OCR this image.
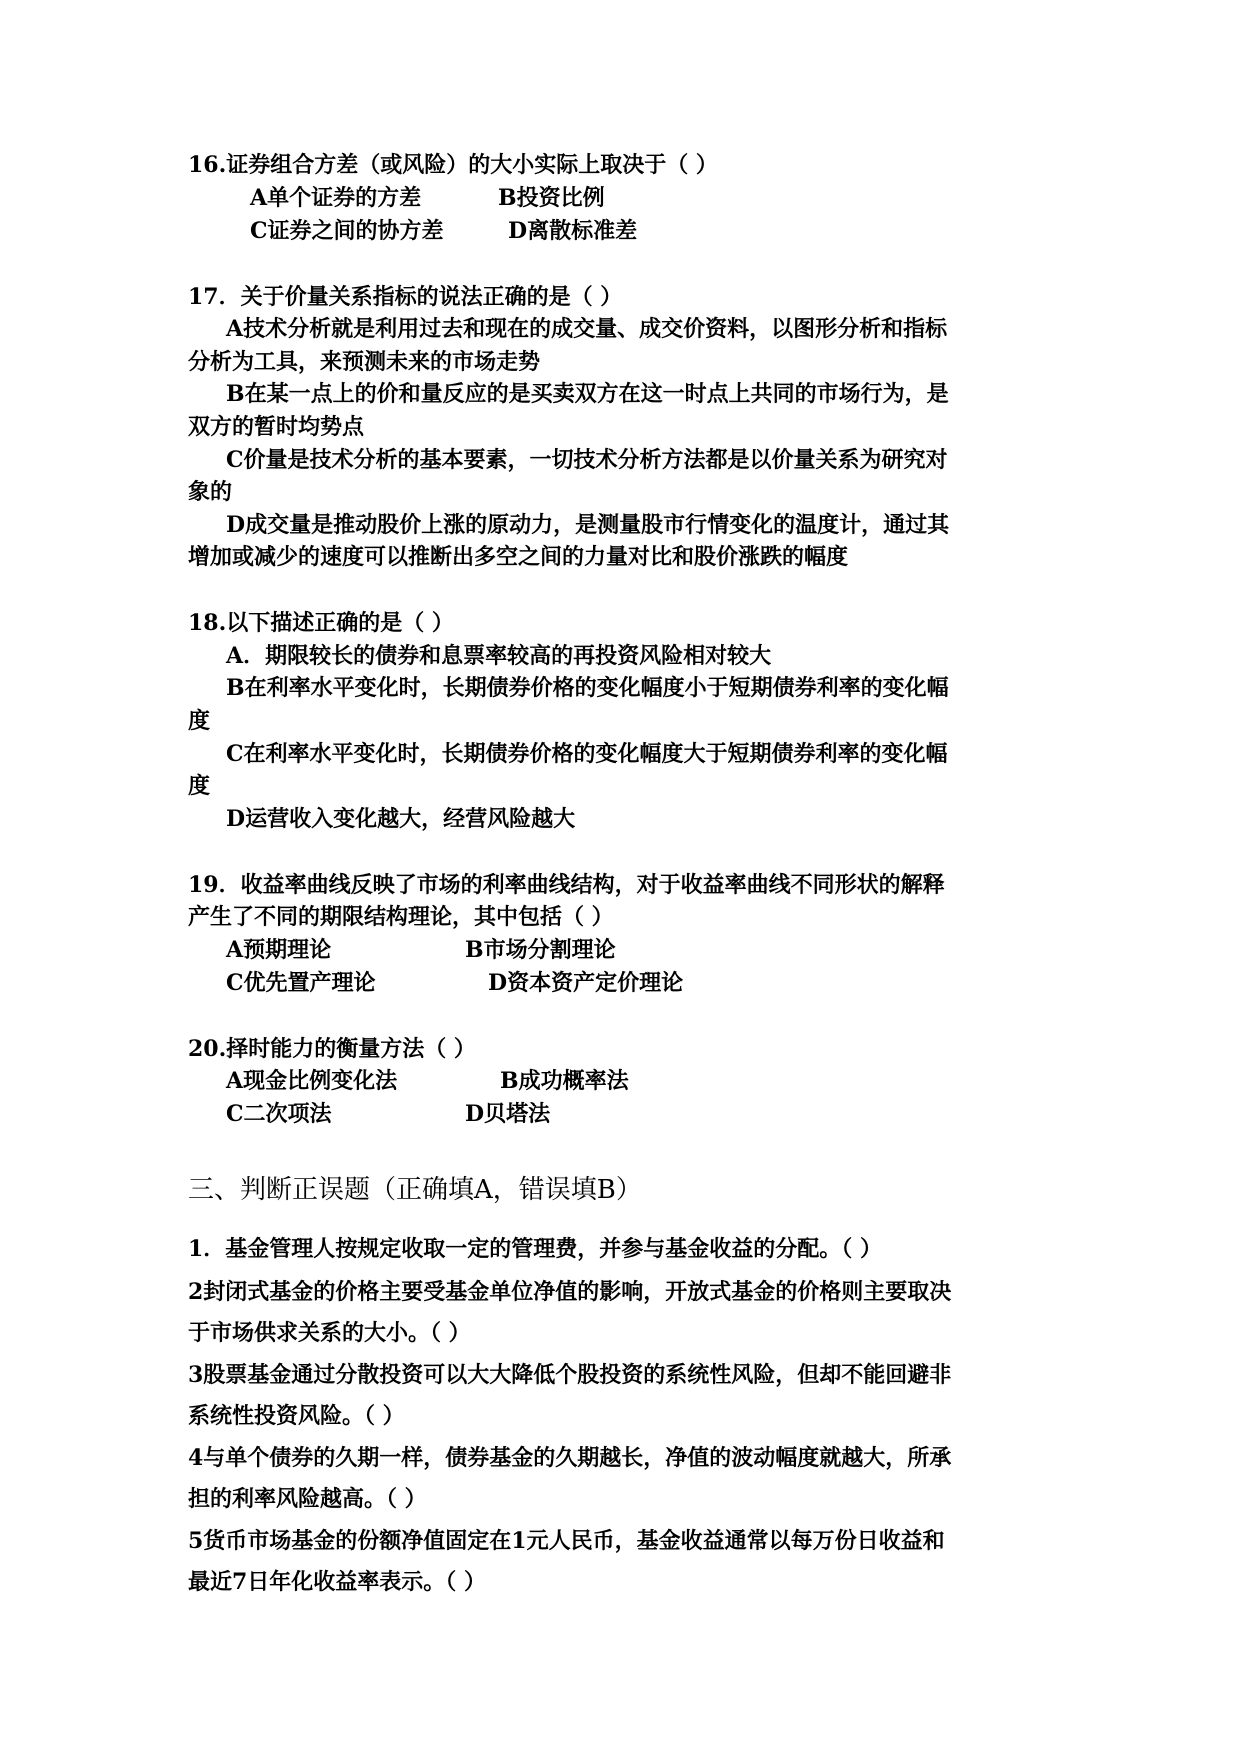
16.证券组合方差（或风险）的大小实际上取决于（ ）
A单个证券的方差	B投资比例
C证券之间的协方差	D离散标准差
17．关于价量关系指标的说法正确的是（ ）
A技术分析就是利用过去和现在的成交量、成交价资料，以图形分析和指标
分析为工具，来预测未来的市场走势
B在某一点上的价和量反应的是买卖双方在这一时点上共同的市场行为，是
双方的暂时均势点
C价量是技术分析的基本要素，一切技术分析方法都是以价量关系为研究对
象的
D成交量是推动股价上涨的原动力，是测量股市行情变化的温度计，通过其
增加或减少的速度可以推断出多空之间的力量对比和股价涨跌的幅度
18.以下描述正确的是（ ）
A．期限较长的债券和息票率较高的再投资风险相对较大
B在利率水平变化时，长期债券价格的变化幅度小于短期债券利率的变化幅
度
C在利率水平变化时，长期债券价格的变化幅度大于短期债券利率的变化幅
度
D运营收入变化越大，经营风险越大
19．收益率曲线反映了市场的利率曲线结构，对于收益率曲线不同形状的解释
产生了不同的期限结构理论，其中包括（ ）
A预期理论	B市场分割理论
C优先置产理论	D资本资产定价理论
20.择时能力的衡量方法（ ）
A现金比例变化法	B成功概率法
C二次项法	D贝塔法
三、判断正误题（正确填A，错误填B）
1．基金管理人按规定收取一定的管理费，并参与基金收益的分配。（ ）
2封闭式基金的价格主要受基金单位净值的影响，开放式基金的价格则主要取决
于市场供求关系的大小。（ ）
3股票基金通过分散投资可以大大降低个股投资的系统性风险，但却不能回避非
系统性投资风险。（ ）
4与单个债券的久期一样，债券基金的久期越长，净值的波动幅度就越大，所承
担的利率风险越高。（ ）
5货币市场基金的份额净值固定在1元人民币，基金收益通常以每万份日收益和
最近7日年化收益率表示。（ ）
